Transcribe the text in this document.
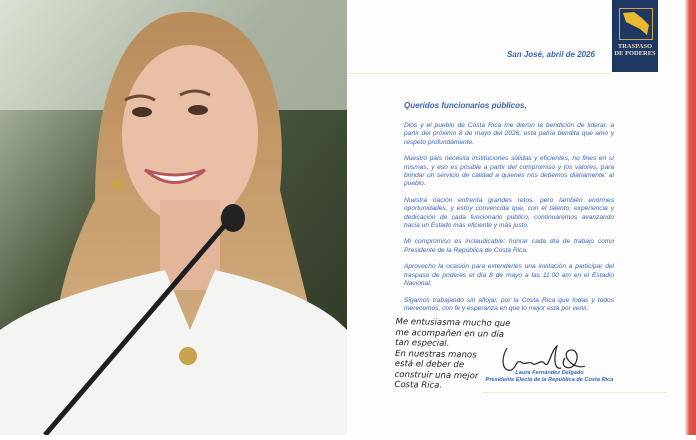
TRASPASO
DE PODERES
San José, abril de 2026
Queridos funcionarios públicos,

Dios y el pueblo de Costa Rica me dieron la bendición de liderar, a partir del próximo 8 de mayo del 2026, esta patria bendita que amo y respeto profundamente.

Nuestro país necesita instituciones sólidas y eficientes, no fines en sí mismas, y eso es posible a partir del compromiso y los valores, para brindar un servicio de calidad a quienes nos debemos diariamente: al pueblo.

Nuestra nación enfrenta grandes retos, pero también enormes oportunidades, y estoy convencida que, con el talento, experiencia y dedicación de cada funcionario público, continuaremos avanzando hacia un Estado más eficiente y más justo.

Mi compromiso es inclaudicable: honrar cada día de trabajo como Presidente de la República de Costa Rica.

Aprovecho la ocasión para extenderles una invitación a participar del traspaso de poderes el día 8 de mayo a las 11:00 am en el Estadio Nacional.

Sigamos trabajando sin aflojar, por la Costa Rica que todas y todos merecemos, con fe y esperanza en que lo mejor está por venir.

Me entusiasma mucho que
me acompañen en un día
tan especial.
En nuestras manos
está el deber de
construir una mejor
Costa Rica.
Laura Fernández Delgado
Presidente Electa de la República de Costa Rica
